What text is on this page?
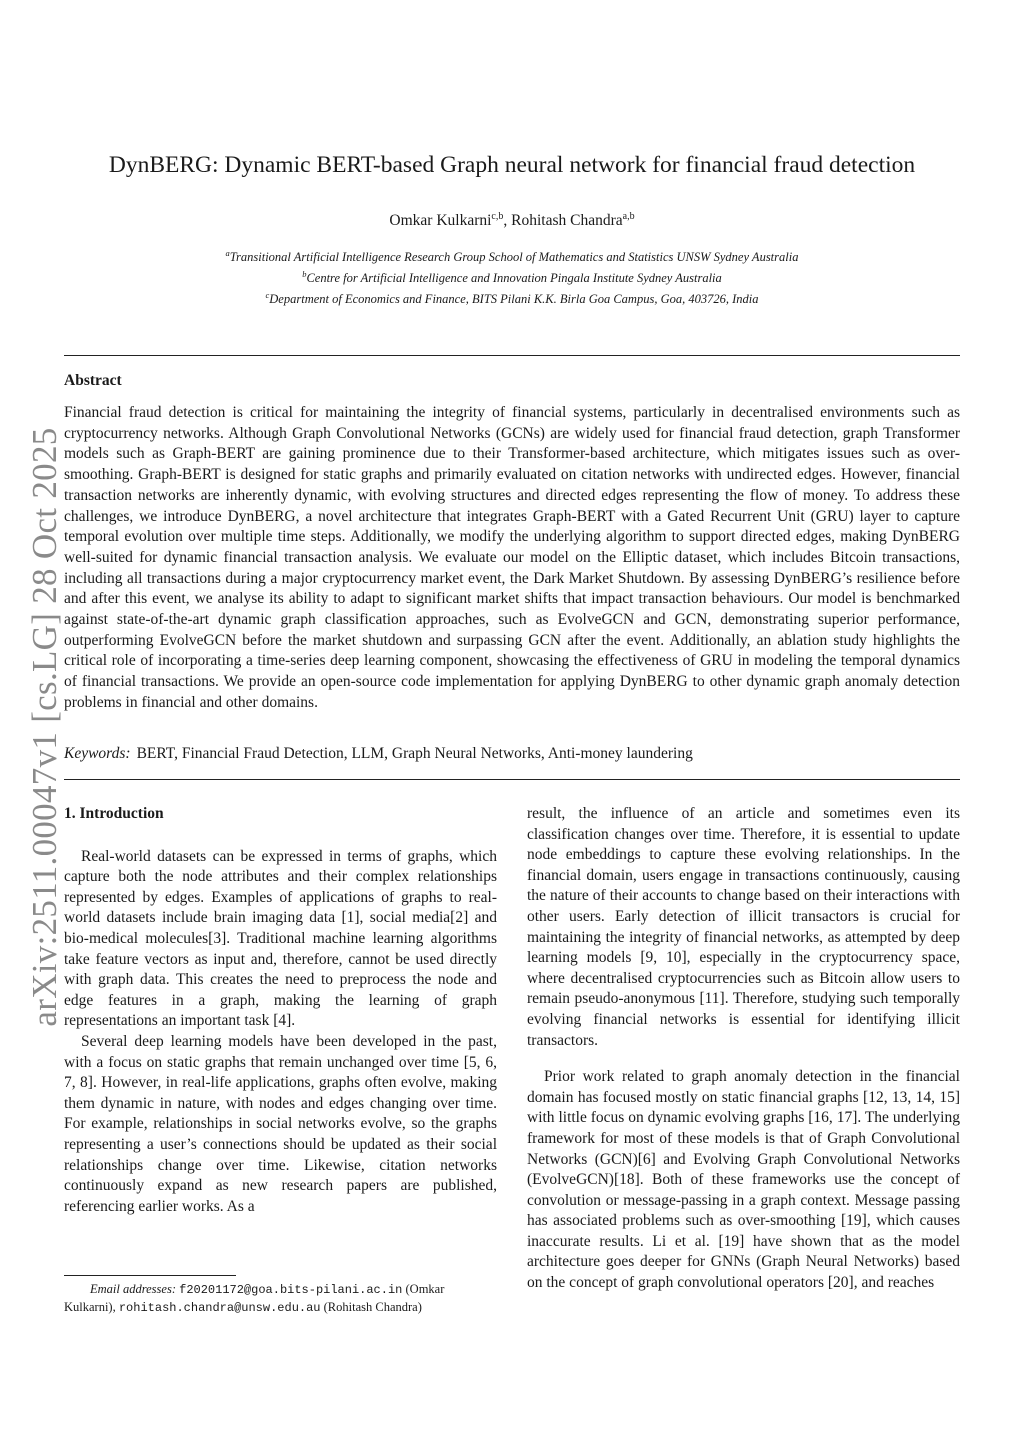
arXiv:2511.00047v1 [cs.LG] 28 Oct 2025
DynBERG: Dynamic BERT-based Graph neural network for financial fraud detection
Omkar Kulkarni$^{c,b}$, Rohitash Chandra$^{a,b}$
$^a$Transitional Artificial Intelligence Research Group School of Mathematics and Statistics UNSW Sydney Australia
$^b$Centre for Artificial Intelligence and Innovation Pingala Institute Sydney Australia
$^c$Department of Economics and Finance, BITS Pilani K.K. Birla Goa Campus, Goa, 403726, India
Abstract
Financial fraud detection is critical for maintaining the integrity of financial systems, particularly in decentralised environments such as cryptocurrency networks. Although Graph Convolutional Networks (GCNs) are widely used for financial fraud detection, graph Transformer models such as Graph-BERT are gaining prominence due to their Transformer-based architecture, which mitigates issues such as over-smoothing. Graph-BERT is designed for static graphs and primarily evaluated on citation networks with undirected edges. However, financial transaction networks are inherently dynamic, with evolving structures and directed edges representing the flow of money. To address these challenges, we introduce DynBERG, a novel architecture that integrates Graph-BERT with a Gated Recurrent Unit (GRU) layer to capture temporal evolution over multiple time steps. Additionally, we modify the underlying algorithm to support directed edges, making DynBERG well-suited for dynamic financial transaction analysis. We evaluate our model on the Elliptic dataset, which includes Bitcoin transactions, including all transactions during a major cryptocurrency market event, the Dark Market Shutdown. By assessing DynBERG’s resilience before and after this event, we analyse its ability to adapt to significant market shifts that impact transaction behaviours. Our model is benchmarked against state-of-the-art dynamic graph classification approaches, such as EvolveGCN and GCN, demonstrating superior performance, outperforming EvolveGCN before the market shutdown and surpassing GCN after the event. Additionally, an ablation study highlights the critical role of incorporating a time-series deep learning component, showcasing the effectiveness of GRU in modeling the temporal dynamics of financial transactions. We provide an open-source code implementation for applying DynBERG to other dynamic graph anomaly detection problems in financial and other domains.
Keywords: BERT, Financial Fraud Detection, LLM, Graph Neural Networks, Anti-money laundering
1. Introduction

Real-world datasets can be expressed in terms of graphs, which capture both the node attributes and their complex relationships represented by edges. Examples of applications of graphs to real-world datasets include brain imaging data [1], social media[2] and bio-medical molecules[3]. Traditional machine learning algorithms take feature vectors as input and, therefore, cannot be used directly with graph data. This creates the need to preprocess the node and edge features in a graph, making the learning of graph representations an important task [4].

Several deep learning models have been developed in the past, with a focus on static graphs that remain unchanged over time [5, 6, 7, 8]. However, in real-life applications, graphs often evolve, making them dynamic in nature, with nodes and edges changing over time. For example, relationships in social networks evolve, so the graphs representing a user’s connections should be updated as their social relationships change over time. Likewise, citation networks continuously expand as new research papers are published, referencing earlier works. As a

result, the influence of an article and sometimes even its classification changes over time. Therefore, it is essential to update node embeddings to capture these evolving relationships. In the financial domain, users engage in transactions continuously, causing the nature of their accounts to change based on their interactions with other users. Early detection of illicit transactors is crucial for maintaining the integrity of financial networks, as attempted by deep learning models [9, 10], especially in the cryptocurrency space, where decentralised cryptocurrencies such as Bitcoin allow users to remain pseudo-anonymous [11]. Therefore, studying such temporally evolving financial networks is essential for identifying illicit transactors.

Prior work related to graph anomaly detection in the financial domain has focused mostly on static financial graphs [12, 13, 14, 15] with little focus on dynamic evolving graphs [16, 17]. The underlying framework for most of these models is that of Graph Convolutional Networks (GCN)[6] and Evolving Graph Convolutional Networks (EvolveGCN)[18]. Both of these frameworks use the concept of convolution or message-passing in a graph context. Message passing has associated problems such as over-smoothing [19], which causes inaccurate results. Li et al. [19] have shown that as the model architecture goes deeper for GNNs (Graph Neural Networks) based on the concept of graph convolutional operators [20], and reaches

Email addresses: f20201172@goa.bits-pilani.ac.in (Omkar Kulkarni), rohitash.chandra@unsw.edu.au (Rohitash Chandra)
